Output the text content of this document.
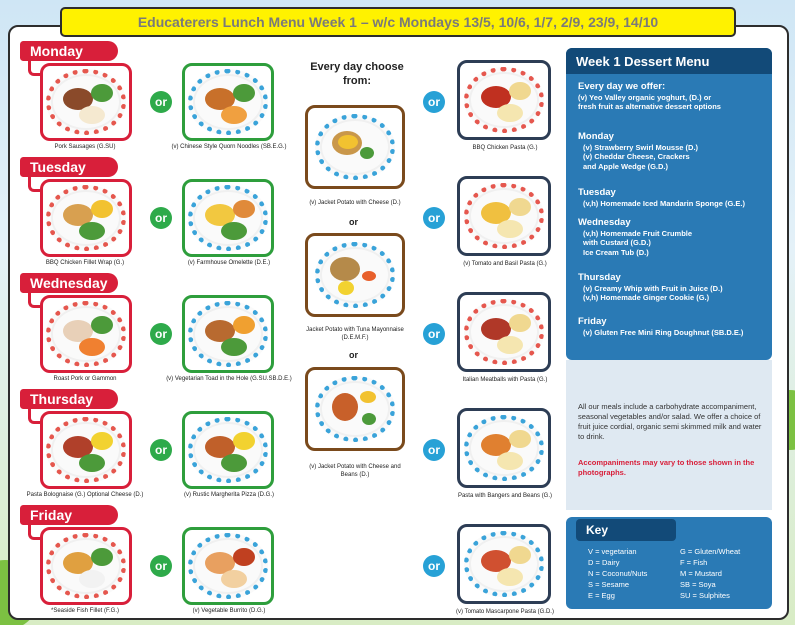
Educaterers Lunch Menu Week 1 – w/c Mondays 13/5, 10/6, 1/7, 2/9, 23/9, 14/10
Monday
Pork Sausages (G.SU)
or
(v) Chinese Style Quorn Noodles (SB.E.G.)
or
BBQ Chicken Pasta (G.)
Tuesday
BBQ Chicken Fillet Wrap (G.)
or
(v) Farmhouse Omelette (D.E.)
or
(v) Tomato and Basil Pasta (G.)
Wednesday
Roast Pork or Gammon
or
(v) Vegetarian Toad in the Hole (G.SU.SB.D.E.)
or
Italian Meatballs with Pasta (G.)
Thursday
Pasta Bolognaise (G.) Optional Cheese (D.)
or
(v) Rustic Margherita Pizza (D.G.)
or
Pasta with Bangers and Beans (G.)
Friday
*Seaside Fish Fillet (F.G.)
or
(v) Vegetable Burrito (D.G.)
or
(v) Tomato Mascarpone Pasta (G.D.)
Every day choose from:
(v) Jacket Potato with Cheese (D.)
or
Jacket Potato with Tuna Mayonnaise (D.E.M.F.)
or
(v) Jacket Potato with Cheese and Beans (D.)
Week 1 Dessert Menu
Every day we offer:
(v) Yeo Valley organic yoghurt, (D.) or
fresh fruit as alternative dessert options
Monday
(v) Strawberry Swirl Mousse (D.)
(v) Cheddar Cheese, Crackers
and Apple Wedge (G.D.)
Tuesday
(v,h) Homemade Iced Mandarin Sponge (G.E.)
Wednesday
(v,h) Homemade Fruit Crumble
with Custard (G.D.)
Ice Cream Tub (D.)
Thursday
(v) Creamy Whip with Fruit in Juice (D.)
(v,h) Homemade Ginger Cookie (G.)
Friday
(v) Gluten Free Mini Ring Doughnut (SB.D.E.)
All our meals include a carbohydrate accompaniment, seasonal vegetables and/or salad. We offer a choice of fruit juice cordial, organic semi skimmed milk and water to drink.
Accompaniments may vary to those shown in the photographs.
Key
V = vegetarian
D = Dairy
N = Coconut/Nuts
S = Sesame
E = Egg
G = Gluten/Wheat
F = Fish
M = Mustard
SB = Soya
SU = Sulphites
